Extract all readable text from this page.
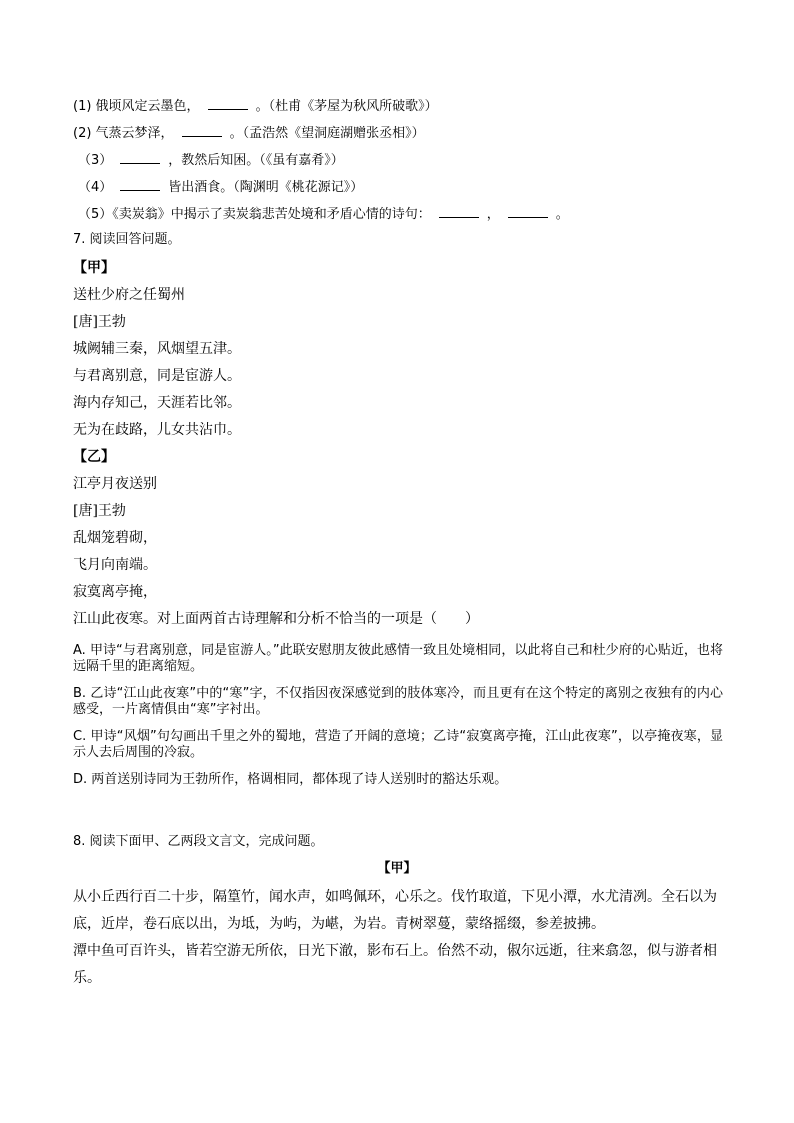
(1) 俄顷风定云墨色，	。（杜甫《茅屋为秋风所破歌》）
(2) 气蒸云梦泽，	。（孟浩然《望洞庭湖赠张丞相》）
（3）	，教然后知困。（《虽有嘉肴》）
（4）	皆出酒食。（陶渊明《桃花源记》）
（5）《卖炭翁》中揭示了卖炭翁悲苦处境和矛盾心情的诗句：	，	。
7. 阅读回答问题。

【甲】

送杜少府之任蜀州

[唐]王勃

城阙辅三秦，风烟望五津。

与君离别意，同是宦游人。

海内存知己，天涯若比邻。

无为在歧路，儿女共沾巾。

【乙】

江亭月夜送别

[唐]王勃

乱烟笼碧砌，

飞月向南端。

寂寞离亭掩，

江山此夜寒。对上面两首古诗理解和分析不恰当的一项是（　　）

A. 甲诗“与君离别意，同是宦游人。”此联安慰朋友彼此感情一致且处境相同，以此将自己和杜少府的心贴近，也将远隔千里的距离缩短。

B. 乙诗“江山此夜寒”中的“寒”字，不仅指因夜深感觉到的肢体寒冷，而且更有在这个特定的离别之夜独有的内心感受，一片离情俱由“寒”字衬出。

C. 甲诗“风烟”句勾画出千里之外的蜀地，营造了开阔的意境；乙诗“寂寞离亭掩，江山此夜寒”，以亭掩夜寒，显示人去后周围的冷寂。

D. 两首送别诗同为王勃所作，格调相同，都体现了诗人送别时的豁达乐观。

8. 阅读下面甲、乙两段文言文，完成问题。
【甲】

从小丘西行百二十步，隔篁竹，闻水声，如鸣佩环，心乐之。伐竹取道，下见小潭，水尤清冽。全石以为底，近岸，卷石底以出，为坻，为屿，为嵁，为岩。青树翠蔓，蒙络摇缀，参差披拂。

潭中鱼可百许头，皆若空游无所依，日光下澈，影布石上。佁然不动，俶尔远逝，往来翕忽，似与游者相乐。
